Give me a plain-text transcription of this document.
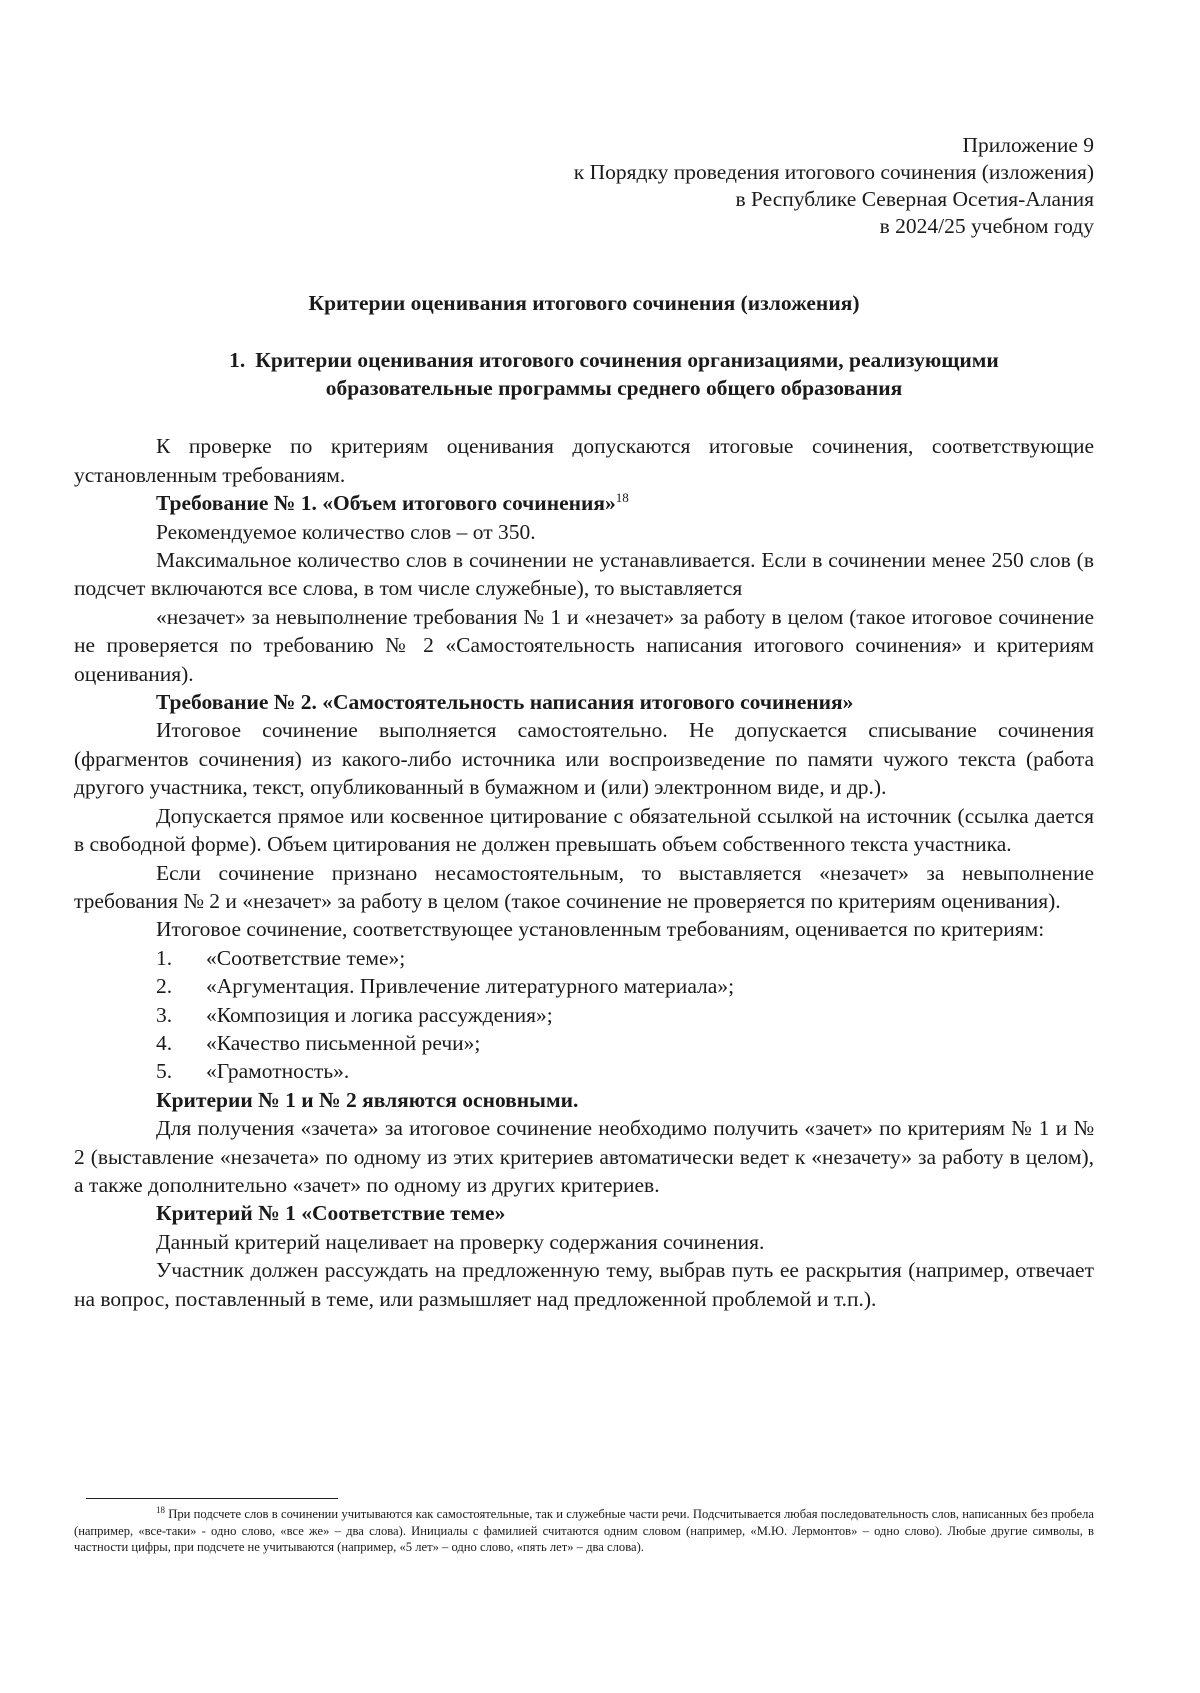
Приложение 9
к Порядку проведения итогового сочинения (изложения)
в Республике Северная Осетия-Алания
в 2024/25 учебном году
Критерии оценивания итогового сочинения (изложения)
1. Критерии оценивания итогового сочинения организациями, реализующими образовательные программы среднего общего образования

К проверке по критериям оценивания допускаются итоговые сочинения, соответствующие установленным требованиям.

Требование № 1. «Объем итогового сочинения»$^{18}$

Рекомендуемое количество слов – от 350.

Максимальное количество слов в сочинении не устанавливается. Если в сочинении менее 250 слов (в подсчет включаются все слова, в том числе служебные), то выставляется

«незачет» за невыполнение требования № 1 и «незачет» за работу в целом (такое итоговое сочинение не проверяется по требованию № 2 «Самостоятельность написания итогового сочинения» и критериям оценивания).

Требование № 2. «Самостоятельность написания итогового сочинения»

Итоговое сочинение выполняется самостоятельно. Не допускается списывание сочинения (фрагментов сочинения) из какого-либо источника или воспроизведение по памяти чужого текста (работа другого участника, текст, опубликованный в бумажном и (или) электронном виде, и др.).

Допускается прямое или косвенное цитирование с обязательной ссылкой на источник (ссылка дается в свободной форме). Объем цитирования не должен превышать объем собственного текста участника.

Если сочинение признано несамостоятельным, то выставляется «незачет» за невыполнение требования № 2 и «незачет» за работу в целом (такое сочинение не проверяется по критериям оценивания).

Итоговое сочинение, соответствующее установленным требованиям, оценивается по критериям:

1.	«Соответствие теме»;
2.	«Аргументация. Привлечение литературного материала»;
3.	«Композиция и логика рассуждения»;
4.	«Качество письменной речи»;
5.	«Грамотность».
Критерии № 1 и № 2 являются основными.

Для получения «зачета» за итоговое сочинение необходимо получить «зачет» по критериям № 1 и № 2 (выставление «незачета» по одному из этих критериев автоматически ведет к «незачету» за работу в целом), а также дополнительно «зачет» по одному из других критериев.

Критерий № 1 «Соответствие теме»

Данный критерий нацеливает на проверку содержания сочинения.

Участник должен рассуждать на предложенную тему, выбрав путь ее раскрытия (например, отвечает на вопрос, поставленный в теме, или размышляет над предложенной проблемой и т.п.).

$^{18}$ При подсчете слов в сочинении учитываются как самостоятельные, так и служебные части речи. Подсчитывается любая последовательность слов, написанных без пробела (например, «все-таки» - одно слово, «все же» – два слова). Инициалы с фамилией считаются одним словом (например, «М.Ю. Лермонтов» – одно слово). Любые другие символы, в частности цифры, при подсчете не учитываются (например, «5 лет» – одно слово, «пять лет» – два слова).
